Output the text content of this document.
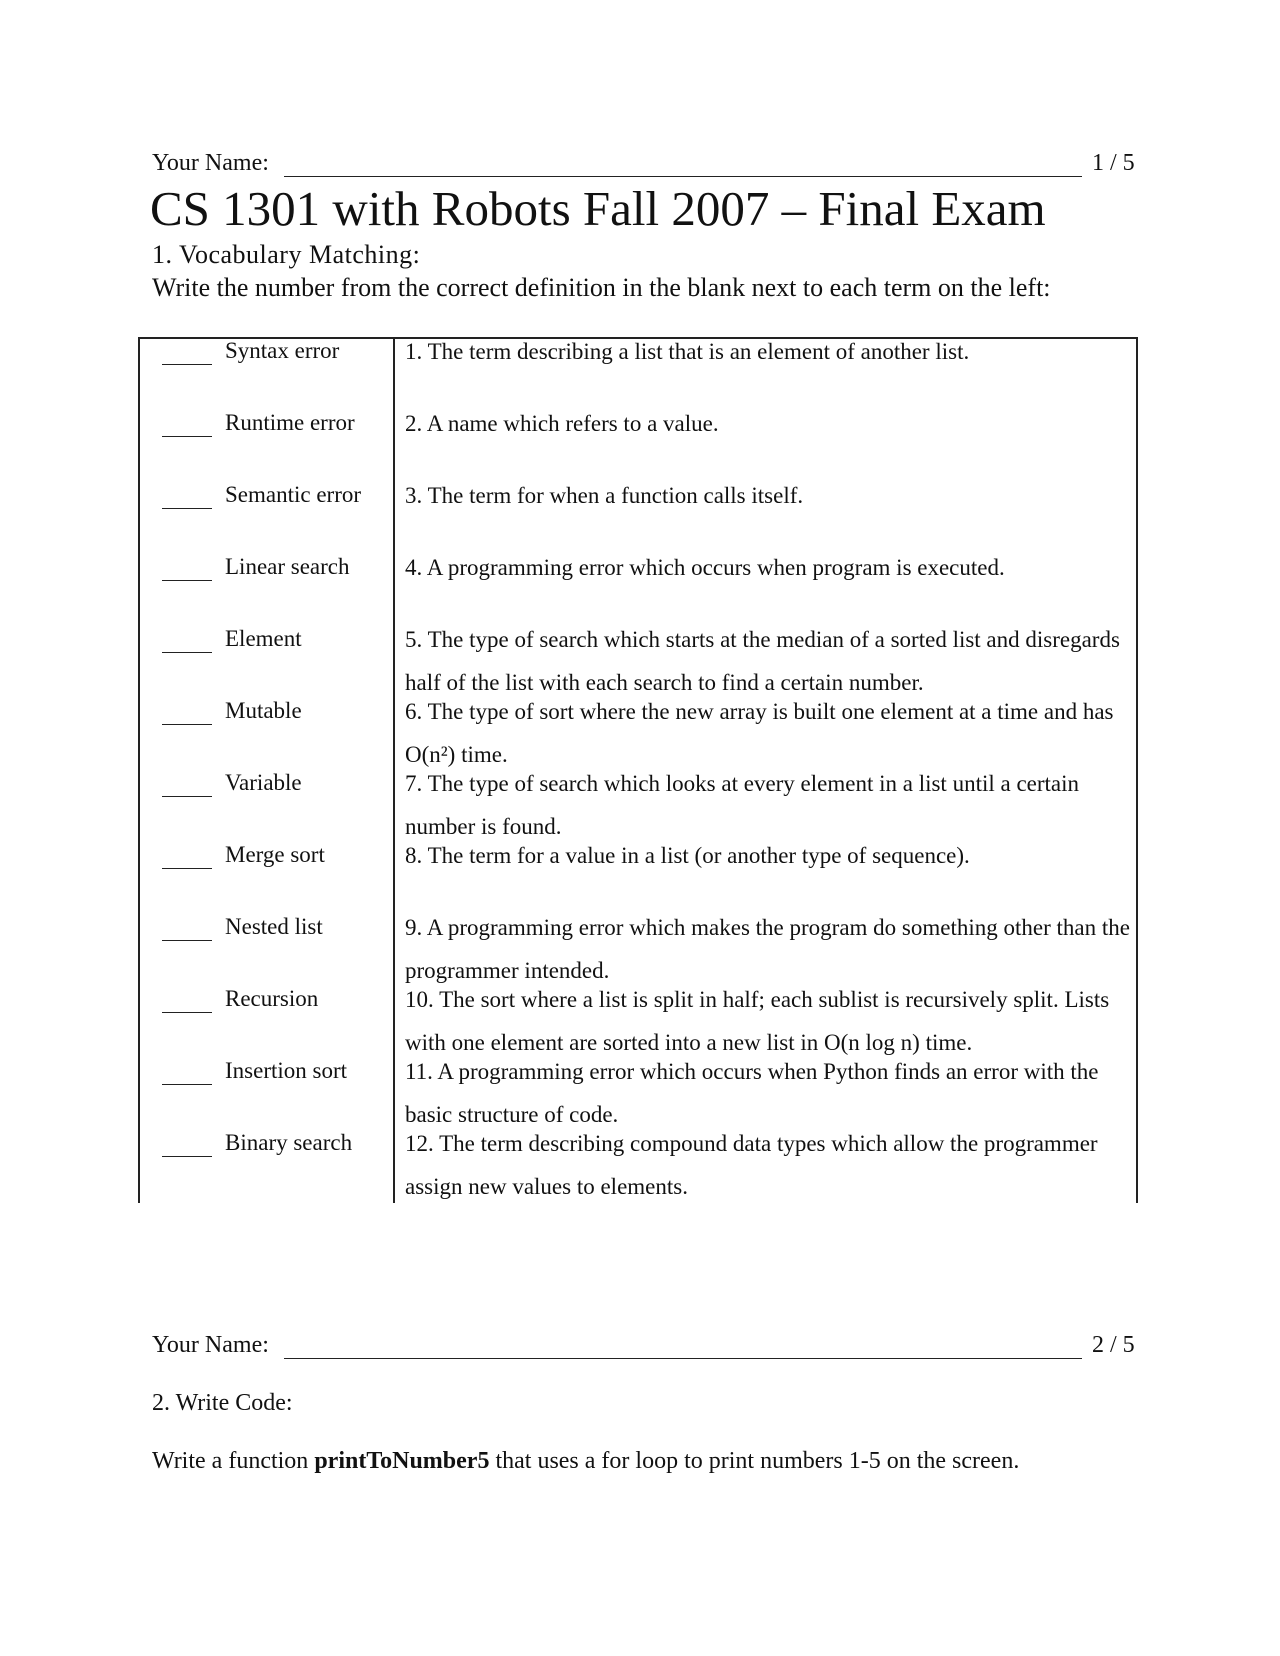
Your Name:	1 / 5
CS 1301 with Robots Fall 2007 – Final Exam
1. Vocabulary Matching:
Write the number from the correct definition in the blank next to each term on the left:
Syntax error	1. The term describing a list that is an element of another list.
Runtime error 2. A name which refers to a value.
Semantic error 3. The term for when a function calls itself.
Linear search 4. A programming error which occurs when program is executed.
Element	5. The type of search which starts at the median of a sorted list and disregards half of the list with each search to find a certain number.
Mutable	6. The type of sort where the new array is built one element at a time and has O(n²) time.
Variable	7. The type of search which looks at every element in a list until a certain number is found.
Merge sort	8. The term for a value in a list (or another type of sequence).
Nested list	9. A programming error which makes the program do something other than the programmer intended.
Recursion	10. The sort where a list is split in half; each sublist is recursively split. Lists with one element are sorted into a new list in O(n log n) time.
Insertion sort	11. A programming error which occurs when Python finds an error with the basic structure of code.
Binary search 12. The term describing compound data types which allow the programmer assign new values to elements.
Your Name:	2 / 5
2. Write Code:
Write a function printToNumber5 that uses a for loop to print numbers 1-5 on the screen.
